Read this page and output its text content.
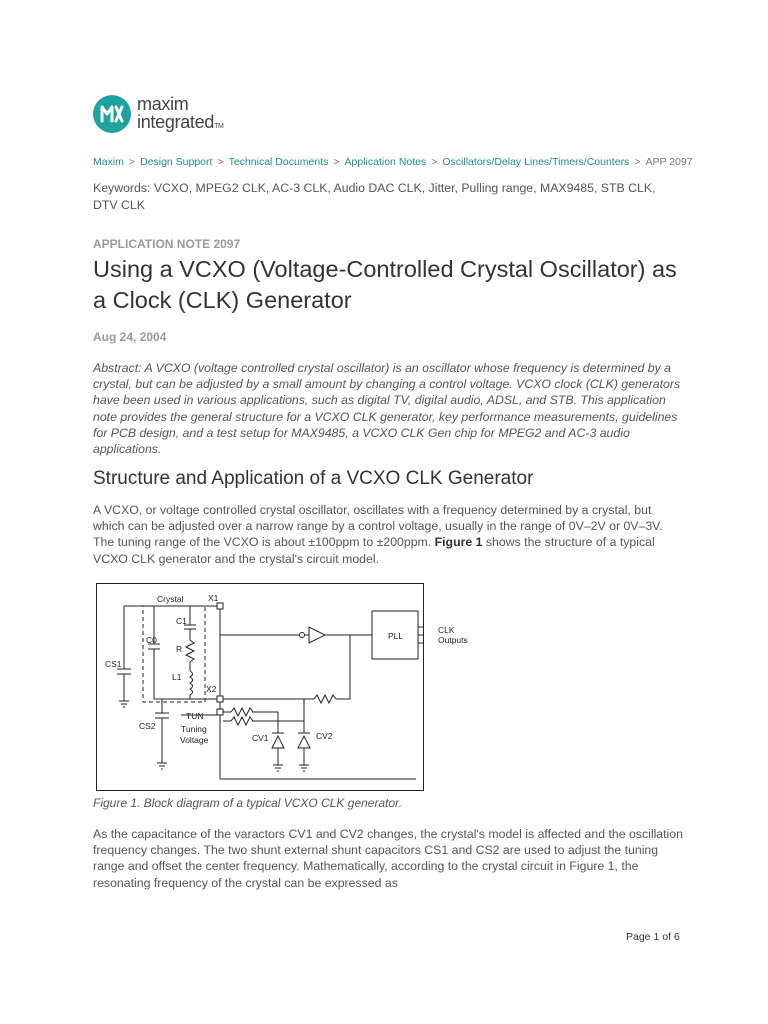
maxim
integratedTM
Maxim > Design Support > Technical Documents > Application Notes > Oscillators/Delay Lines/Timers/Counters > APP 2097
Keywords: VCXO, MPEG2 CLK, AC-3 CLK, Audio DAC CLK, Jitter, Pulling range, MAX9485, STB CLK, DTV CLK
APPLICATION NOTE 2097
Using a VCXO (Voltage-Controlled Crystal Oscillator) as a Clock (CLK) Generator
Aug 24, 2004

Abstract: A VCXO (voltage controlled crystal oscillator) is an oscillator whose frequency is determined by a crystal, but can be adjusted by a small amount by changing a control voltage. VCXO clock (CLK) generators have been used in various applications, such as digital TV, digital audio, ADSL, and STB. This application note provides the general structure for a VCXO CLK generator, key performance measurements, guidelines for PCB design, and a test setup for MAX9485, a VCXO CLK Gen chip for MPEG2 and AC-3 audio applications.

Structure and Application of a VCXO CLK Generator

A VCXO, or voltage controlled crystal oscillator, oscillates with a frequency determined by a crystal, but which can be adjusted over a narrow range by a control voltage, usually in the range of 0V–2V or 0V–3V. The tuning range of the VCXO is about ±100ppm to ±200ppm. Figure 1 shows the structure of a typical VCXO CLK generator and the crystal's circuit model.

Crystal	X1
C1
C0
R
L1
CS1
X2
CS2
TUN
Tuning
Voltage	CV1	CV2
PLL
CLK
Outputs
Figure 1. Block diagram of a typical VCXO CLK generator.

As the capacitance of the varactors CV1 and CV2 changes, the crystal's model is affected and the oscillation frequency changes. The two shunt external shunt capacitors CS1 and CS2 are used to adjust the tuning range and offset the center frequency. Mathematically, according to the crystal circuit in Figure 1, the resonating frequency of the crystal can be expressed as

Page 1 of 6
